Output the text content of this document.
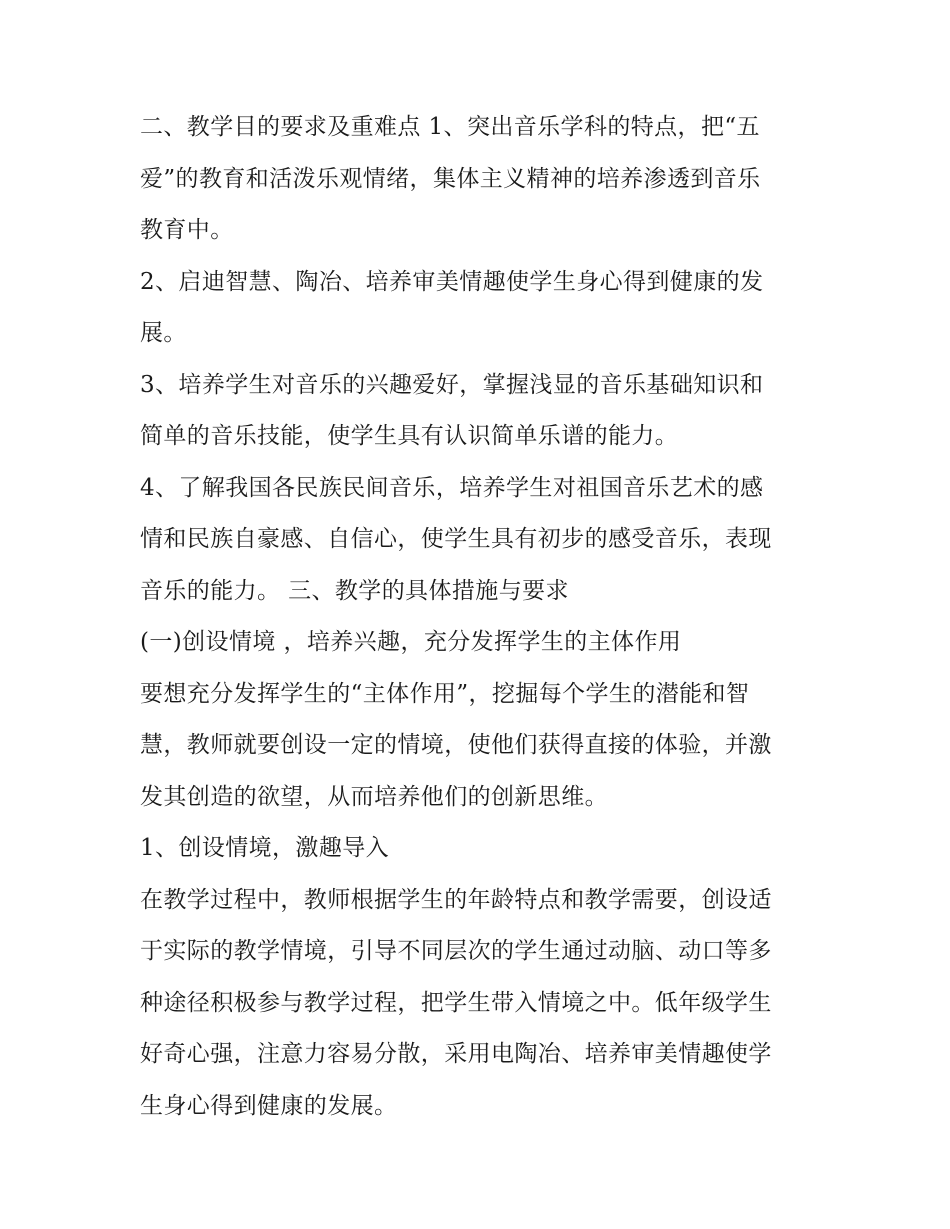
二、教学目的要求及重难点 1、突出音乐学科的特点，把“五
爱”的教育和活泼乐观情绪，集体主义精神的培养渗透到音乐
教育中。
2、启迪智慧、陶冶、培养审美情趣使学生身心得到健康的发
展。
3、培养学生对音乐的兴趣爱好，掌握浅显的音乐基础知识和
简单的音乐技能，使学生具有认识简单乐谱的能力。
4、了解我国各民族民间音乐，培养学生对祖国音乐艺术的感
情和民族自豪感、自信心，使学生具有初步的感受音乐，表现
音乐的能力。 三、教学的具体措施与要求
(一)创设情境 ，培养兴趣，充分发挥学生的主体作用
要想充分发挥学生的“主体作用”，挖掘每个学生的潜能和智
慧，教师就要创设一定的情境，使他们获得直接的体验，并激
发其创造的欲望，从而培养他们的创新思维。
1、创设情境，激趣导入
在教学过程中，教师根据学生的年龄特点和教学需要，创设适
于实际的教学情境，引导不同层次的学生通过动脑、动口等多
种途径积极参与教学过程，把学生带入情境之中。低年级学生
好奇心强，注意力容易分散，采用电陶冶、培养审美情趣使学
生身心得到健康的发展。
